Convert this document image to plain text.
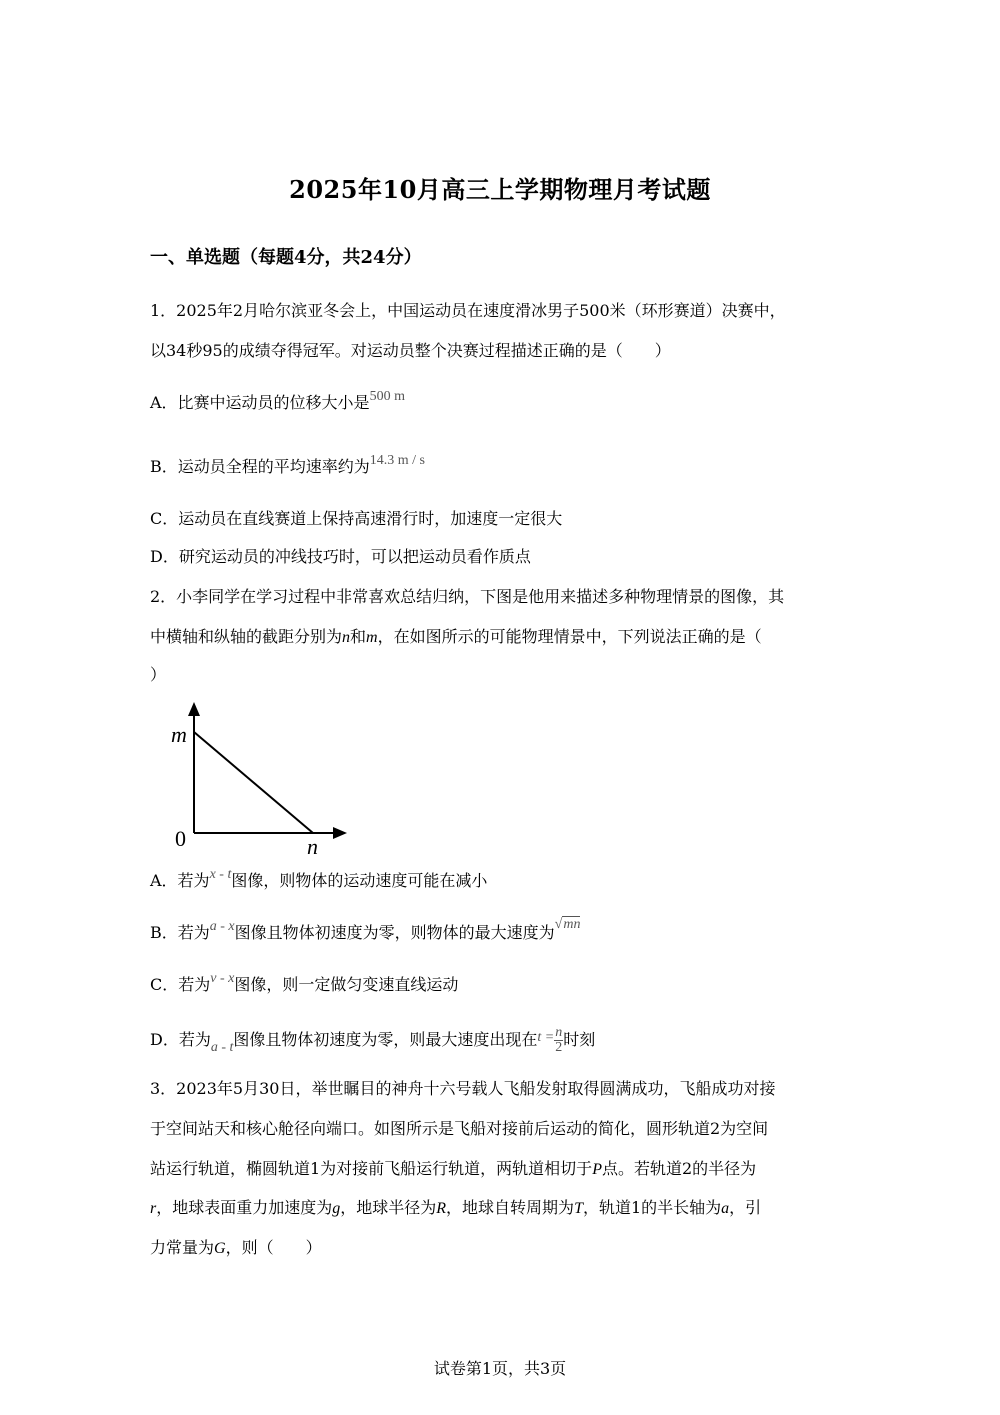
2025年10月高三上学期物理月考试题
一、单选题（每题4分，共24分）
1．2025年2月哈尔滨亚冬会上，中国运动员在速度滑冰男子500米（环形赛道）决赛中，
以34秒95的成绩夺得冠军。对运动员整个决赛过程描述正确的是（　　）
A．比赛中运动员的位移大小是500 m
B．运动员全程的平均速率约为14.3 m / s
C．运动员在直线赛道上保持高速滑行时，加速度一定很大
D．研究运动员的冲线技巧时，可以把运动员看作质点
2．小李同学在学习过程中非常喜欢总结归纳，下图是他用来描述多种物理情景的图像，其
中横轴和纵轴的截距分别为n和m，在如图所示的可能物理情景中，下列说法正确的是（
）
m
0	n
A．若为x - t图像，则物体的运动速度可能在减小
B．若为a - x图像且物体初速度为零，则物体的最大速度为√mn
C．若为v - x图像，则一定做匀变速直线运动
D．若为a - t图像且物体初速度为零，则最大速度出现在$t = \frac{n}{2}$ 时刻
3．2023年5月30日，举世瞩目的神舟十六号载人飞船发射取得圆满成功，飞船成功对接
于空间站天和核心舱径向端口。如图所示是飞船对接前后运动的简化，圆形轨道2为空间
站运行轨道，椭圆轨道1为对接前飞船运行轨道，两轨道相切于P点。若轨道2的半径为
r，地球表面重力加速度为g，地球半径为R，地球自转周期为T，轨道1的半长轴为a，引
力常量为G，则（　　）
试卷第1页，共3页
